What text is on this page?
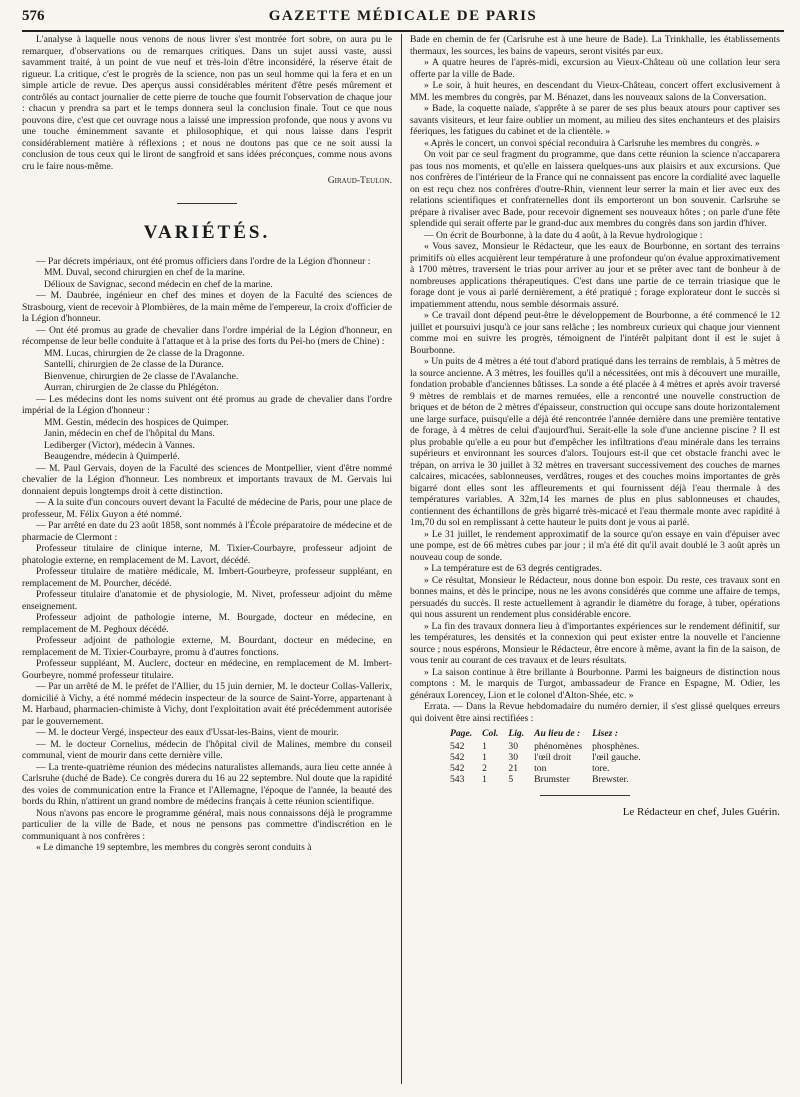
GAZETTE MÉDICALE DE PARIS
576

L'analyse à laquelle nous venons de nous livrer s'est montrée fort sobre, on aura pu le remarquer, d'observations ou de remarques critiques. Dans un sujet aussi vaste, aussi savamment traité, à un point de vue neuf et très-loin d'être inconsidéré, la réserve était de rigueur. La critique, c'est le progrès de la science, non pas un seul homme qui la fera et en un simple article de revue. Des aperçus aussi considérables méritent d'être pesés mûrement et contrôlés au contact journalier de cette pierre de touche que fournit l'observation de chaque jour : chacun y prendra sa part et le temps donnera seul la conclusion finale. Tout ce que nous pouvons dire, c'est que cet ouvrage nous a laissé une impression profonde, que nous y avons vu une touche éminemment savante et philosophique, et qui nous laisse dans l'esprit considérablement matière à réflexions ; et nous ne doutons pas que ce ne soit aussi la conclusion de tous ceux qui le liront de sangfroid et sans idées préconçues, comme nous avons cru le faire nous-même.

Giraud-Teulon.

VARIÉTÉS.

— Par décrets impériaux, ont été promus officiers dans l'ordre de la Légion d'honneur :

MM. Duval, second chirurgien en chef de la marine.

Délioux de Savignac, second médecin en chef de la marine.

— M. Daubrée, ingénieur en chef des mines et doyen de la Faculté des sciences de Strasbourg, vient de recevoir à Plombières, de la main même de l'empereur, la croix d'officier de la Légion d'honneur.

— Ont été promus au grade de chevalier dans l'ordre impérial de la Légion d'honneur, en récompense de leur belle conduite à l'attaque et à la prise des forts du Peï-ho (mers de Chine) :

MM. Lucas, chirurgien de 2e classe de la Dragonne.

Santelli, chirurgien de 2e classe de la Durance.

Bienvenue, chirurgien de 2e classe de l'Avalanche.

Aurran, chirurgien de 2e classe du Phlégéton.

— Les médecins dont les noms suivent ont été promus au grade de chevalier dans l'ordre impérial de la Légion d'honneur :

MM. Gestin, médecin des hospices de Quimper.

Janin, médecin en chef de l'hôpital du Mans.

Lediberger (Victor), médecin à Vannes.

Beaugendre, médecin à Quimperlé.

— M. Paul Gervais, doyen de la Faculté des sciences de Montpellier, vient d'être nommé chevalier de la Légion d'honneur. Les nombreux et importants travaux de M. Gervais lui donnaient depuis longtemps droit à cette distinction.

— A la suite d'un concours ouvert devant la Faculté de médecine de Paris, pour une place de professeur, M. Félix Guyon a été nommé.

— Par arrêté en date du 23 août 1858, sont nommés à l'École préparatoire de médecine et de pharmacie de Clermont :

Professeur titulaire de clinique interne, M. Tixier-Courbayre, professeur adjoint de phatologie externe, en remplacement de M. Lavort, décédé.

Professeur titulaire de matière médicale, M. Imbert-Gourbeyre, professeur suppléant, en remplacement de M. Pourcher, décédé.

Professeur titulaire d'anatomie et de physiologie, M. Nivet, professeur adjoint du même enseignement.

Professeur adjoint de pathologie interne, M. Bourgade, docteur en médecine, en remplacement de M. Peghoux décédé.

Professeur adjoint de pathologie externe, M. Bourdant, docteur en médecine, en remplacement de M. Tixier-Courbayre, promu à d'autres fonctions.

Professeur suppléant, M. Auclerc, docteur en médecine, en remplacement de M. Imbert-Gourbeyre, nommé professeur titulaire.

— Par un arrêté de M. le préfet de l'Allier, du 15 juin dernier, M. le docteur Collas-Vallerix, domicilié à Vichy, a été nommé médecin inspecteur de la source de Saint-Yorre, appartenant à M. Harbaud, pharmacien-chimiste à Vichy, dont l'exploitation avait été précédemment autorisée par le gouvernement.

— M. le docteur Vergé, inspecteur des eaux d'Ussat-les-Bains, vient de mourir.

— M. le docteur Cornelius, médecin de l'hôpital civil de Malines, membre du conseil communal, vient de mourir dans cette dernière ville.

— La trente-quatrième réunion des médecins naturalistes allemands, aura lieu cette année à Carlsruhe (duché de Bade). Ce congrès durera du 16 au 22 septembre. Nul doute que la rapidité des voies de communication entre la France et l'Allemagne, l'époque de l'année, la beauté des bords du Rhin, n'attirent un grand nombre de médecins français à cette réunion scientifique.

Nous n'avons pas encore le programme général, mais nous connaissons déjà le programme particulier de la ville de Bade, et nous ne pensons pas commettre d'indiscrétion en le communiquant à nos confrères :

« Le dimanche 19 septembre, les membres du congrès seront conduits à

Bade en chemin de fer (Carlsruhe est à une heure de Bade). La Trinkhalle, les établissements thermaux, les sources, les bains de vapeurs, seront visités par eux.

» A quatre heures de l'après-midi, excursion au Vieux-Château où une collation leur sera offerte par la ville de Bade.

» Le soir, à huit heures, en descendant du Vieux-Château, concert offert exclusivement à MM. les membres du congrès, par M. Bénazet, dans les nouveaux salons de la Conversation.

» Bade, la coquette naïade, s'apprête à se parer de ses plus beaux atours pour captiver ses savants visiteurs, et leur faire oublier un moment, au milieu des sites enchanteurs et des plaisirs féeriques, les fatigues du cabinet et de la clientèle. »

« Après le concert, un convoi spécial reconduira à Carlsruhe les membres du congrès. »

On voit par ce seul fragment du programme, que dans cette réunion la science n'accaparera pas tous nos moments, et qu'elle en laissera quelques-uns aux plaisirs et aux excursions. Que nos confrères de l'intérieur de la France qui ne connaissent pas encore la cordialité avec laquelle on est reçu chez nos confrères d'outre-Rhin, viennent leur serrer la main et lier avec eux des relations scientifiques et confraternelles dont ils emporteront un bon souvenir. Carlsruhe se prépare à rivaliser avec Bade, pour recevoir dignement ses nouveaux hôtes ; on parle d'une fête splendide qui serait offerte par le grand-duc aux membres du congrès dans son jardin d'hiver.

— On écrit de Bourbonne, à la date du 4 août, à la Revue hydrologique :

« Vous savez, Monsieur le Rédacteur, que les eaux de Bourbonne, en sortant des terrains primitifs où elles acquièrent leur température à une profondeur qu'on évalue approximativement à 1700 mètres, traversent le trias pour arriver au jour et se prêter avec tant de bonheur à de nombreuses applications thérapeutiques. C'est dans une partie de ce terrain triasique que le forage dont je vous ai parlé dernièrement, a été pratiqué ; forage explorateur dont le succès si impatiemment attendu, nous semble désormais assuré.

» Ce travail dont dépend peut-être le développement de Bourbonne, a été commencé le 12 juillet et poursuivi jusqu'à ce jour sans relâche ; les nombreux curieux qui chaque jour viennent comme moi en suivre les progrès, témoignent de l'intérêt palpitant dont il est le sujet à Bourbonne.

» Un puits de 4 mètres a été tout d'abord pratiqué dans les terrains de remblais, à 5 mètres de la source ancienne. A 3 mètres, les fouilles qu'il a nécessitées, ont mis à découvert une muraille, fondation probable d'anciennes bâtisses. La sonde a été placée à 4 mètres et après avoir traversé 9 mètres de remblais et de marnes remuées, elle a rencontré une nouvelle construction de briques et de béton de 2 mètres d'épaisseur, construction qui occupe sans doute horizontalement une large surface, puisqu'elle a déjà été rencontrée l'année dernière dans une première tentative de forage, à 4 mètres de celui d'aujourd'hui. Serait-elle la sole d'une ancienne piscine ? Il est plus probable qu'elle a eu pour but d'empêcher les infiltrations d'eau minérale dans les terrains supérieurs et environnant les sources d'alors. Toujours est-il que cet obstacle franchi avec le trépan, on arriva le 30 juillet à 32 mètres en traversant successivement des couches de marnes calcaires, micacées, sablonneuses, verdâtres, rouges et des couches moins importantes de grès bigarré dont elles sont les affleurements et qui fournissent déjà l'eau thermale à des températures variables. A 32m,14 les marnes de plus en plus sablonneuses et chaudes, contiennent des échantillons de grès bigarré très-micacé et l'eau thermale monte avec rapidité à 1m,70 du sol en remplissant à cette hauteur le puits dont je vous ai parlé.

» Le 31 juillet, le rendement approximatif de la source qu'on essaye en vain d'épuiser avec une pompe, est de 66 mètres cubes par jour ; il m'a été dit qu'il avait doublé le 3 août après un nouveau coup de sonde.

» La température est de 63 degrés centigrades.

» Ce résultat, Monsieur le Rédacteur, nous donne bon espoir. Du reste, ces travaux sont en bonnes mains, et dès le principe, nous ne les avons considérés que comme une affaire de temps, persuadés du succès. Il reste actuellement à agrandir le diamètre du forage, à tuber, opérations qui nous assurent un rendement plus considérable encore.

» La fin des travaux donnera lieu à d'importantes expériences sur le rendement définitif, sur les températures, les densités et la connexion qui peut exister entre la nouvelle et l'ancienne source ; nous espérons, Monsieur le Rédacteur, être encore à même, avant la fin de la saison, de vous tenir au courant de ces travaux et de leurs résultats.

» La saison continue à être brillante à Bourbonne. Parmi les baigneurs de distinction nous comptons : M. le marquis de Turgot, ambassadeur de France en Espagne, M. Odier, les généraux Lorencey, Lion et le colonel d'Alton-Shée, etc. »

Errata. — Dans la Revue hebdomadaire du numéro dernier, il s'est glissé quelques erreurs qui doivent être ainsi rectifiées :

Page.	Col.	Lig.	Au lieu de :	Lisez :
542	1	30	phénomènes	phosphènes.
542	1	30	l'œil droit	l'œil gauche.
542	2	21	ton	tore.
543	1	5	Brumster	Brewster.
Le Rédacteur en chef, Jules Guérin.
